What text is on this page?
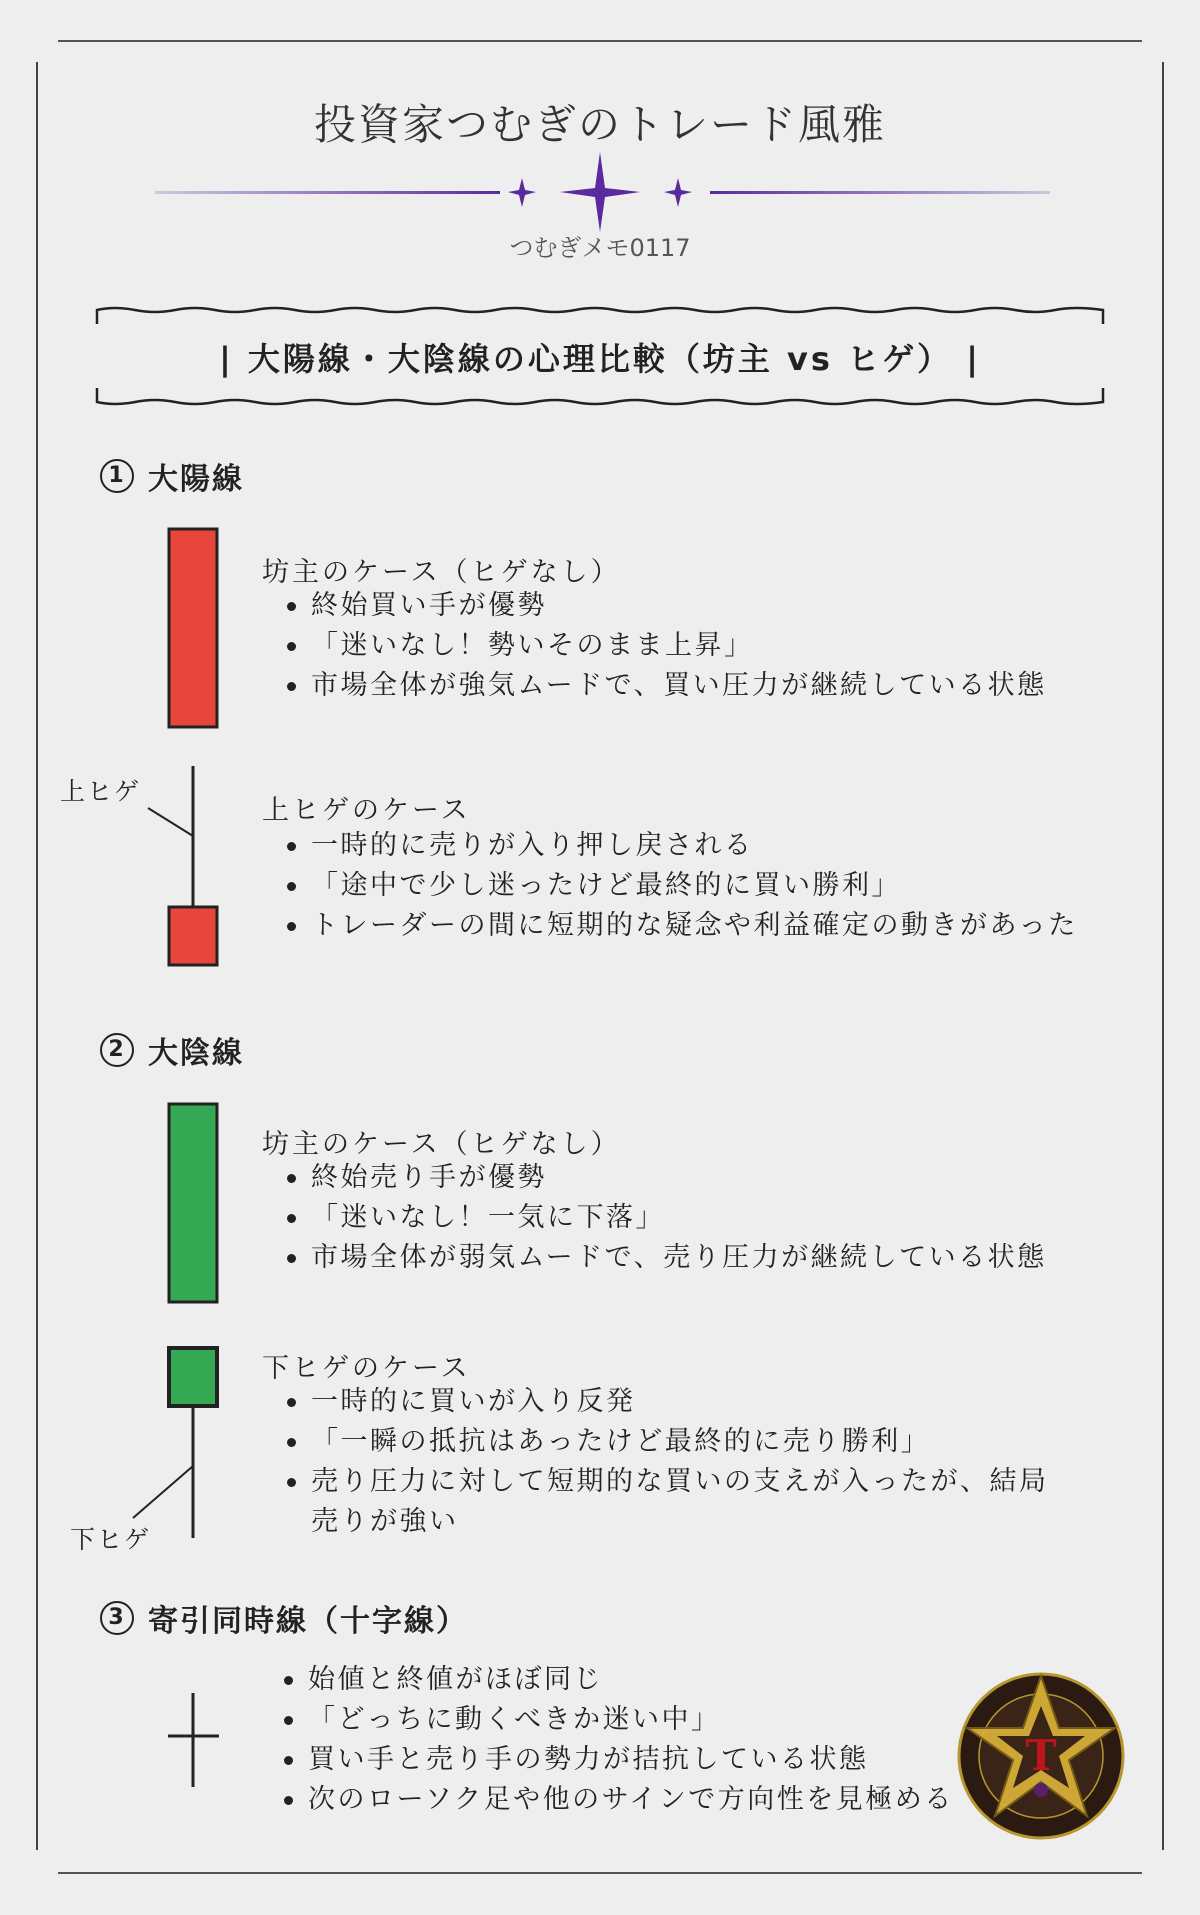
投資家つむぎのトレード風雅
つむぎメモ0117
| 大陽線・大陰線の心理比較（坊主 vs ヒゲ） |
1 大陽線
坊主のケース（ヒゲなし）
終始買い手が優勢
「迷いなし！勢いそのまま上昇」
市場全体が強気ムードで、買い圧力が継続している状態
上ヒゲ
上ヒゲのケース
一時的に売りが入り押し戻される
「途中で少し迷ったけど最終的に買い勝利」
トレーダーの間に短期的な疑念や利益確定の動きがあった
2 大陰線
坊主のケース（ヒゲなし）
終始売り手が優勢
「迷いなし！一気に下落」
市場全体が弱気ムードで、売り圧力が継続している状態
下ヒゲのケース
一時的に買いが入り反発
「一瞬の抵抗はあったけど最終的に売り勝利」
売り圧力に対して短期的な買いの支えが入ったが、結局売りが強い
下ヒゲ
3 寄引同時線（十字線）
始値と終値がほぼ同じ
「どっちに動くべきか迷い中」
買い手と売り手の勢力が拮抗している状態
次のローソク足や他のサインで方向性を見極める
T
